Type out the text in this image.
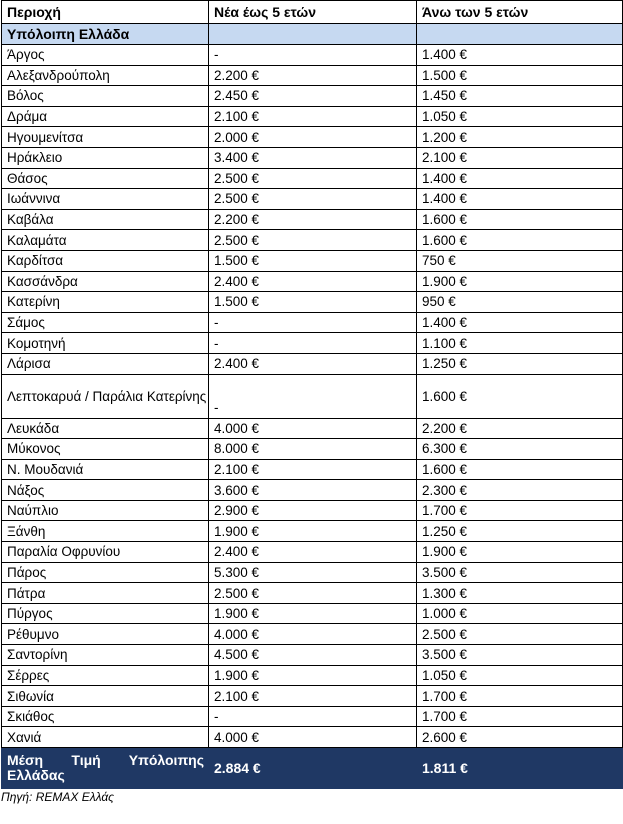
Περιοχή	Νέα έως 5 ετών	Άνω των 5 ετών
Υπόλοιπη Ελλάδα		
Άργος	-	1.400 €
Αλεξανδρούπολη	2.200 €	1.500 €
Βόλος	2.450 €	1.450 €
Δράμα	2.100 €	1.050 €
Ηγουμενίτσα	2.000 €	1.200 €
Ηράκλειο	3.400 €	2.100 €
Θάσος	2.500 €	1.400 €
Ιωάννινα	2.500 €	1.400 €
Καβάλα	2.200 €	1.600 €
Καλαμάτα	2.500 €	1.600 €
Καρδίτσα	1.500 €	750 €
Κασσάνδρα	2.400 €	1.900 €
Κατερίνη	1.500 €	950 €
Σάμος	-	1.400 €
Κομοτηνή	-	1.100 €
Λάρισα	2.400 €	1.250 €
Λεπτοκαρυά / Παράλια Κατερίνης	-	1.600 €
Λευκάδα	4.000 €	2.200 €
Μύκονος	8.000 €	6.300 €
Ν. Μουδανιά	2.100 €	1.600 €
Νάξος	3.600 €	2.300 €
Ναύπλιο	2.900 €	1.700 €
Ξάνθη	1.900 €	1.250 €
Παραλία Οφρυνίου	2.400 €	1.900 €
Πάρος	5.300 €	3.500 €
Πάτρα	2.500 €	1.300 €
Πύργος	1.900 €	1.000 €
Ρέθυμνο	4.000 €	2.500 €
Σαντορίνη	4.500 €	3.500 €
Σέρρες	1.900 €	1.050 €
Σιθωνία	2.100 €	1.700 €
Σκιάθος	-	1.700 €
Χανιά	4.000 €	2.600 €
Μέση Τιμή Υπόλοιπης Ελλάδας	2.884 €	1.811 €
Πηγή: REMAX Ελλάς
